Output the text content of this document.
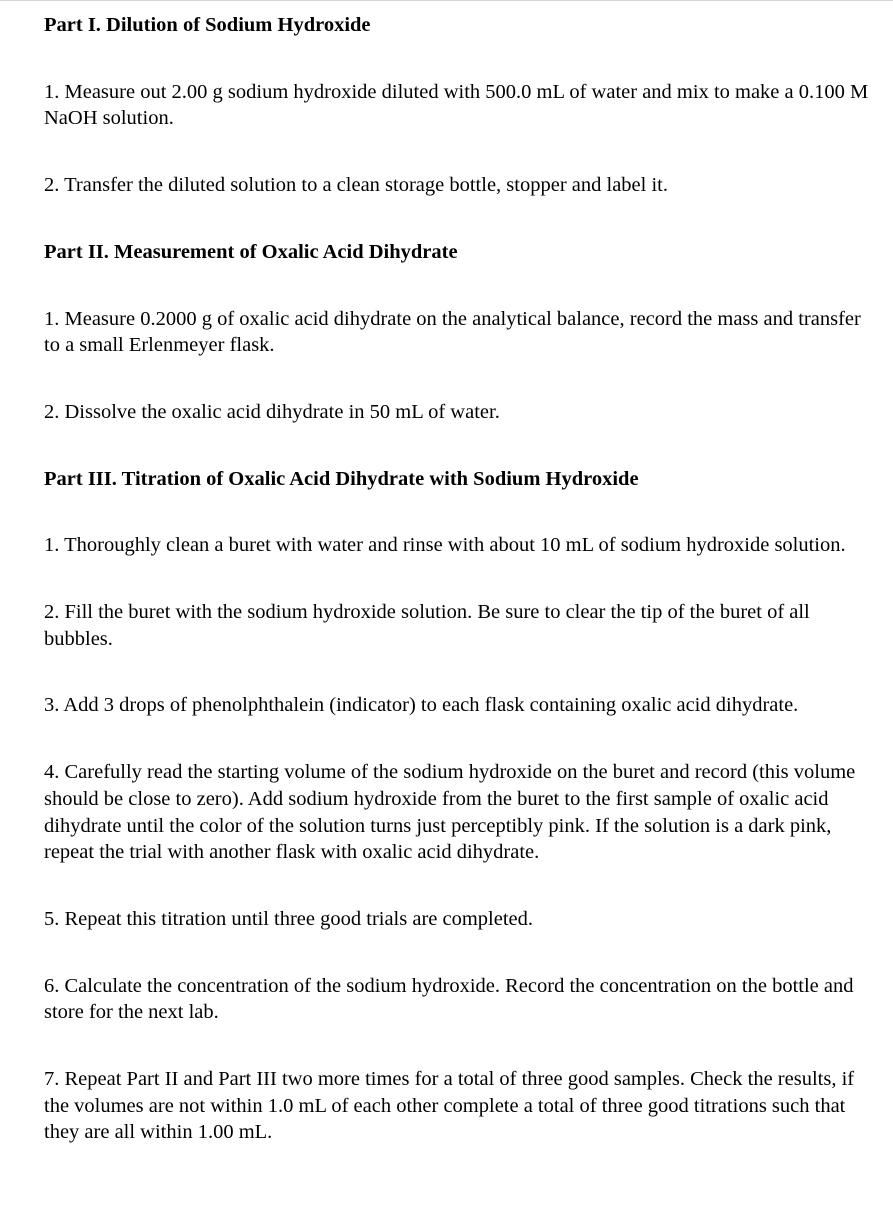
Part I. Dilution of Sodium Hydroxide

1. Measure out 2.00 g sodium hydroxide diluted with 500.0 mL of water and mix to make a 0.100 M NaOH solution.

2. Transfer the diluted solution to a clean storage bottle, stopper and label it.

Part II. Measurement of Oxalic Acid Dihydrate

1. Measure 0.2000 g of oxalic acid dihydrate on the analytical balance, record the mass and transfer to a small Erlenmeyer flask.

2. Dissolve the oxalic acid dihydrate in 50 mL of water.

Part III. Titration of Oxalic Acid Dihydrate with Sodium Hydroxide

1. Thoroughly clean a buret with water and rinse with about 10 mL of sodium hydroxide solution.

2. Fill the buret with the sodium hydroxide solution. Be sure to clear the tip of the buret of all bubbles.

3. Add 3 drops of phenolphthalein (indicator) to each flask containing oxalic acid dihydrate.

4. Carefully read the starting volume of the sodium hydroxide on the buret and record (this volume should be close to zero). Add sodium hydroxide from the buret to the first sample of oxalic acid dihydrate until the color of the solution turns just perceptibly pink. If the solution is a dark pink, repeat the trial with another flask with oxalic acid dihydrate.

5. Repeat this titration until three good trials are completed.

6. Calculate the concentration of the sodium hydroxide. Record the concentration on the bottle and store for the next lab.

7. Repeat Part II and Part III two more times for a total of three good samples. Check the results, if the volumes are not within 1.0 mL of each other complete a total of three good titrations such that they are all within 1.00 mL.
